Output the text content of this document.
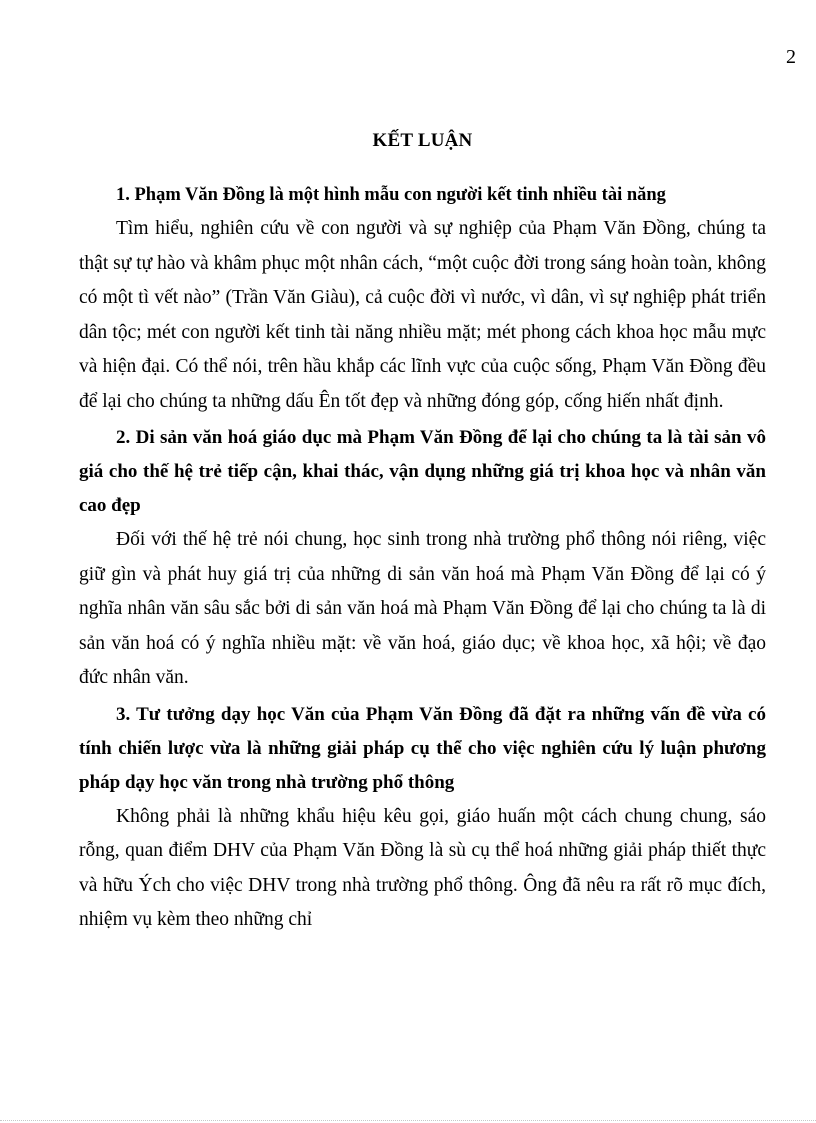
2
KẾT LUẬN

1. Phạm Văn Đồng là một hình mẫu con người kết tinh nhiều tài năng

Tìm hiểu, nghiên cứu về con người và sự nghiệp của Phạm Văn Đồng, chúng ta thật sự tự hào và khâm phục một nhân cách, “một cuộc đời trong sáng hoàn toàn, không có một tì vết nào” (Trần Văn Giàu), cả cuộc đời vì nước, vì dân, vì sự nghiệp phát triển dân tộc; mét con người kết tinh tài năng nhiều mặt; mét phong cách khoa học mẫu mực và hiện đại. Có thể nói, trên hầu khắp các lĩnh vực của cuộc sống, Phạm Văn Đồng đều để lại cho chúng ta những dấu Ên tốt đẹp và những đóng góp, cống hiến nhất định.

2. Di sản văn hoá giáo dục mà Phạm Văn Đồng để lại cho chúng ta là tài sản vô giá cho thế hệ trẻ tiếp cận, khai thác, vận dụng những giá trị khoa học và nhân văn cao đẹp

Đối với thế hệ trẻ nói chung, học sinh trong nhà trường phổ thông nói riêng, việc giữ gìn và phát huy giá trị của những di sản văn hoá mà Phạm Văn Đồng để lại có ý nghĩa nhân văn sâu sắc bởi di sản văn hoá mà Phạm Văn Đồng để lại cho chúng ta là di sản văn hoá có ý nghĩa nhiều mặt: về văn hoá, giáo dục; về khoa học, xã hội; về đạo đức nhân văn.

3. Tư tưởng dạy học Văn của Phạm Văn Đồng đã đặt ra những vấn đề vừa có tính chiến lược vừa là những giải pháp cụ thể cho việc nghiên cứu lý luận phương pháp dạy học văn trong nhà trường phổ thông

Không phải là những khẩu hiệu kêu gọi, giáo huấn một cách chung chung, sáo rỗng, quan điểm DHV của Phạm Văn Đồng là sù cụ thể hoá những giải pháp thiết thực và hữu Ých cho việc DHV trong nhà trường phổ thông. Ông đã nêu ra rất rõ mục đích, nhiệm vụ kèm theo những chỉ
